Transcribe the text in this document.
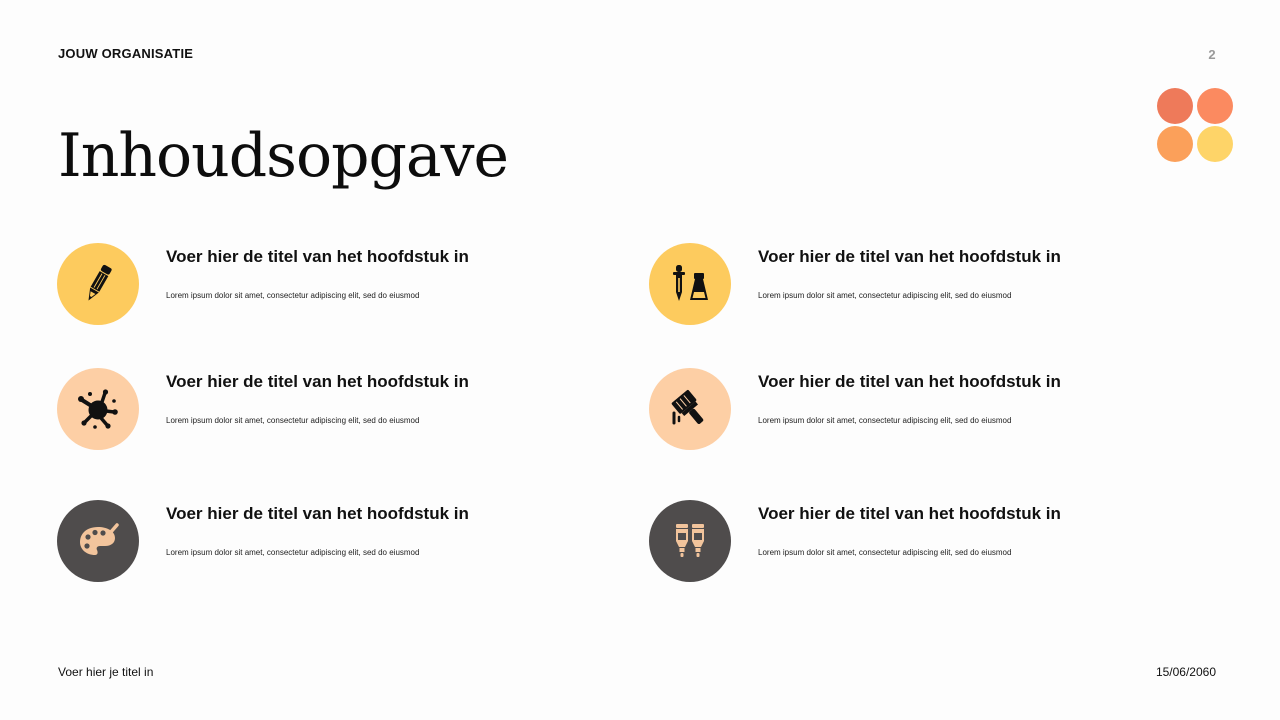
JOUW ORGANISATIE	2
Inhoudsopgave
Voer hier de titel van het hoofdstuk in
Lorem ipsum dolor sit amet, consectetur adipiscing elit, sed do eiusmod
Voer hier de titel van het hoofdstuk in
Lorem ipsum dolor sit amet, consectetur adipiscing elit, sed do eiusmod
Voer hier de titel van het hoofdstuk in
Lorem ipsum dolor sit amet, consectetur adipiscing elit, sed do eiusmod
Voer hier de titel van het hoofdstuk in
Lorem ipsum dolor sit amet, consectetur adipiscing elit, sed do eiusmod
Voer hier de titel van het hoofdstuk in
Lorem ipsum dolor sit amet, consectetur adipiscing elit, sed do eiusmod
Voer hier de titel van het hoofdstuk in
Lorem ipsum dolor sit amet, consectetur adipiscing elit, sed do eiusmod
Voer hier je titel in	15/06/2060
